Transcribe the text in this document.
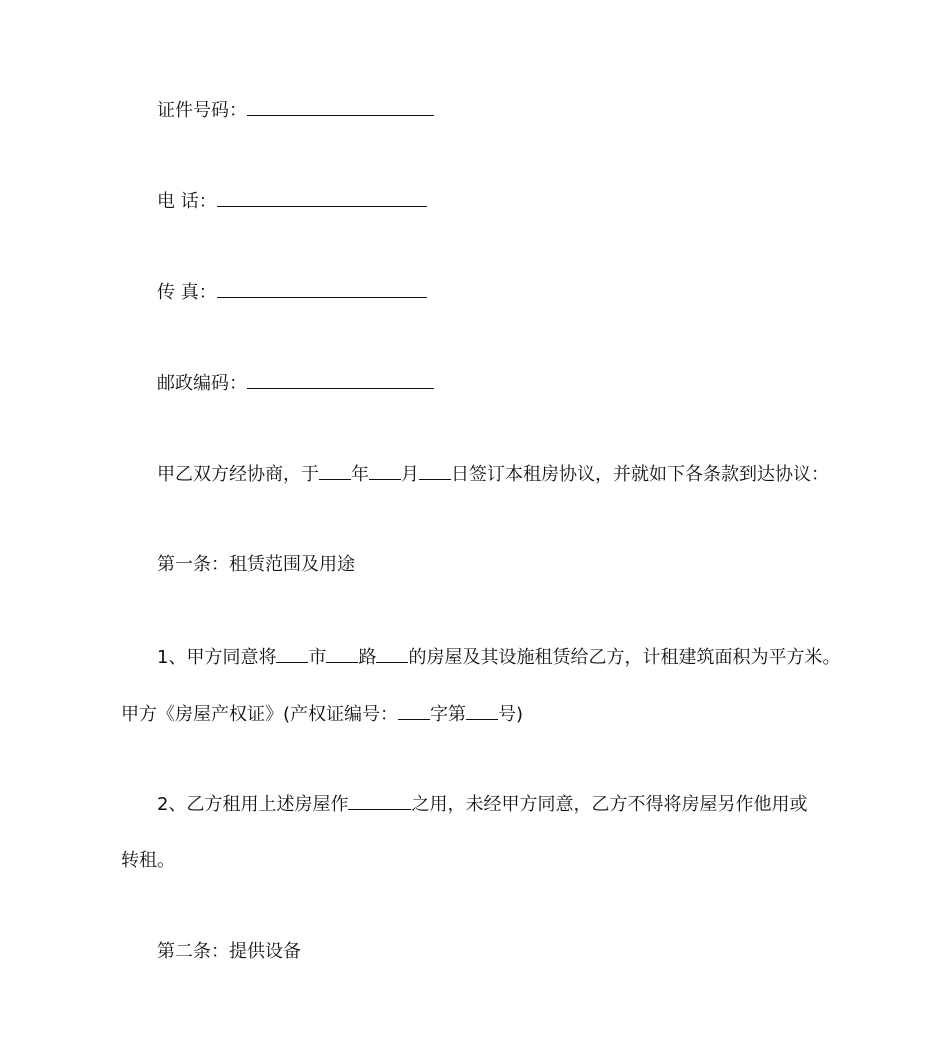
证件号码：
电 话：
传 真：
邮政编码：
甲乙双方经协商，于 年 月 日签订本租房协议，并就如下各条款到达协议：
第一条：租赁范围及用途
1、甲方同意将 市 路 的房屋及其设施租赁给乙方，计租建筑面积为平方米。
甲方《房屋产权证》(产权证编号： 字第 号)
2、乙方租用上述房屋作	之用，未经甲方同意，乙方不得将房屋另作他用或
转租。
第二条：提供设备
